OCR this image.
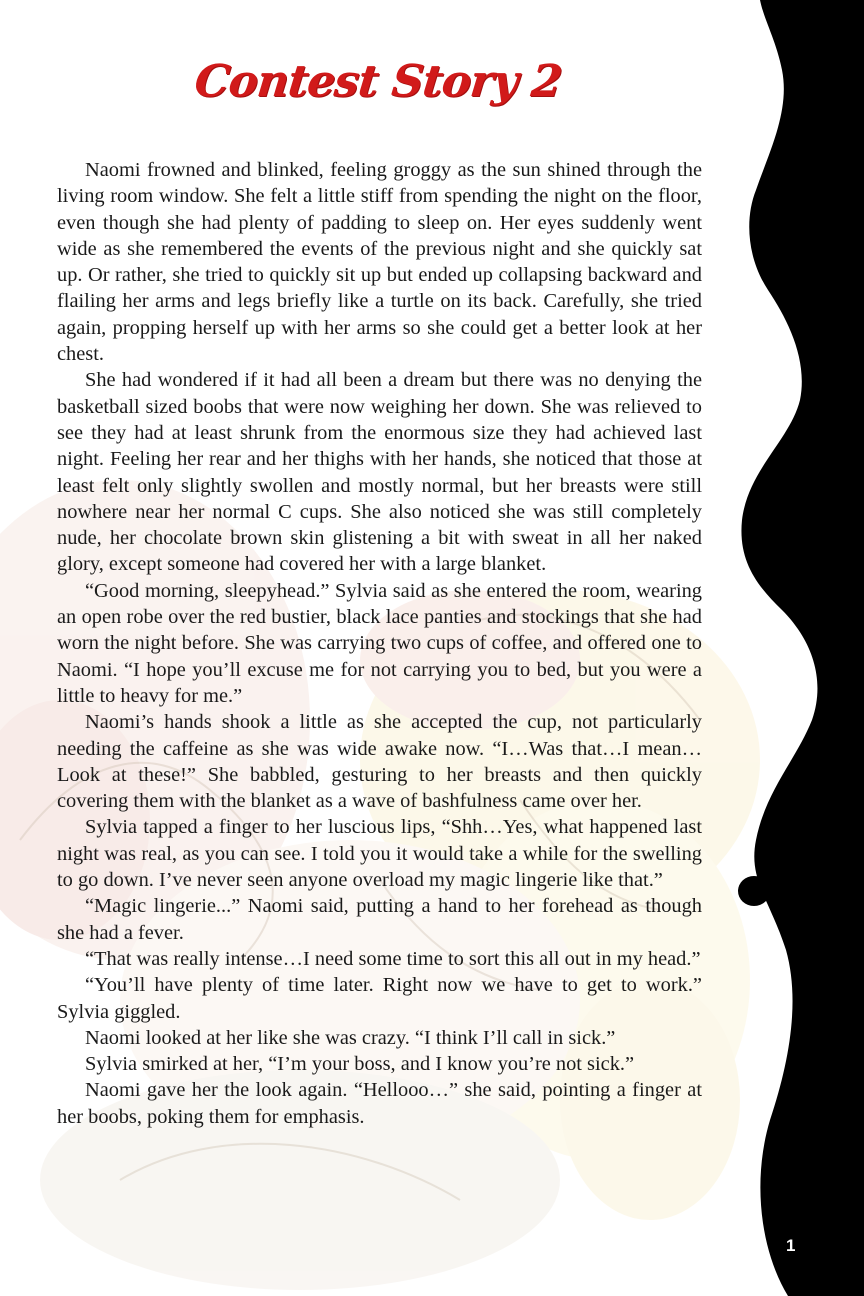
Contest Story 2

Naomi frowned and blinked, feeling groggy as the sun shined through the living room window. She felt a little stiff from spending the night on the floor, even though she had plenty of padding to sleep on. Her eyes suddenly went wide as she remembered the events of the previous night and she quickly sat up. Or rather, she tried to quickly sit up but ended up collapsing backward and flailing her arms and legs briefly like a turtle on its back. Carefully, she tried again, propping herself up with her arms so she could get a better look at her chest.

She had wondered if it had all been a dream but there was no denying the basketball sized boobs that were now weighing her down. She was relieved to see they had at least shrunk from the enormous size they had achieved last night. Feeling her rear and her thighs with her hands, she noticed that those at least felt only slightly swollen and mostly normal, but her breasts were still nowhere near her normal C cups. She also noticed she was still completely nude, her chocolate brown skin glistening a bit with sweat in all her naked glory, except someone had covered her with a large blanket.

“Good morning, sleepyhead.” Sylvia said as she entered the room, wearing an open robe over the red bustier, black lace panties and stockings that she had worn the night before. She was carrying two cups of coffee, and offered one to Naomi. “I hope you’ll excuse me for not carrying you to bed, but you were a little to heavy for me.”

Naomi’s hands shook a little as she accepted the cup, not particularly needing the caffeine as she was wide awake now. “I…Was that…I mean…Look at these!” She babbled, gesturing to her breasts and then quickly covering them with the blanket as a wave of bashfulness came over her.

Sylvia tapped a finger to her luscious lips, “Shh…Yes, what happened last night was real, as you can see. I told you it would take a while for the swelling to go down. I’ve never seen anyone overload my magic lingerie like that.”

“Magic lingerie...” Naomi said, putting a hand to her forehead as though she had a fever.

“That was really intense…I need some time to sort this all out in my head.”

“You’ll have plenty of time later. Right now we have to get to work.” Sylvia giggled.

Naomi looked at her like she was crazy. “I think I’ll call in sick.”

Sylvia smirked at her, “I’m your boss, and I know you’re not sick.”

Naomi gave her the look again. “Hellooo…” she said, pointing a finger at her boobs, poking them for emphasis.

1
